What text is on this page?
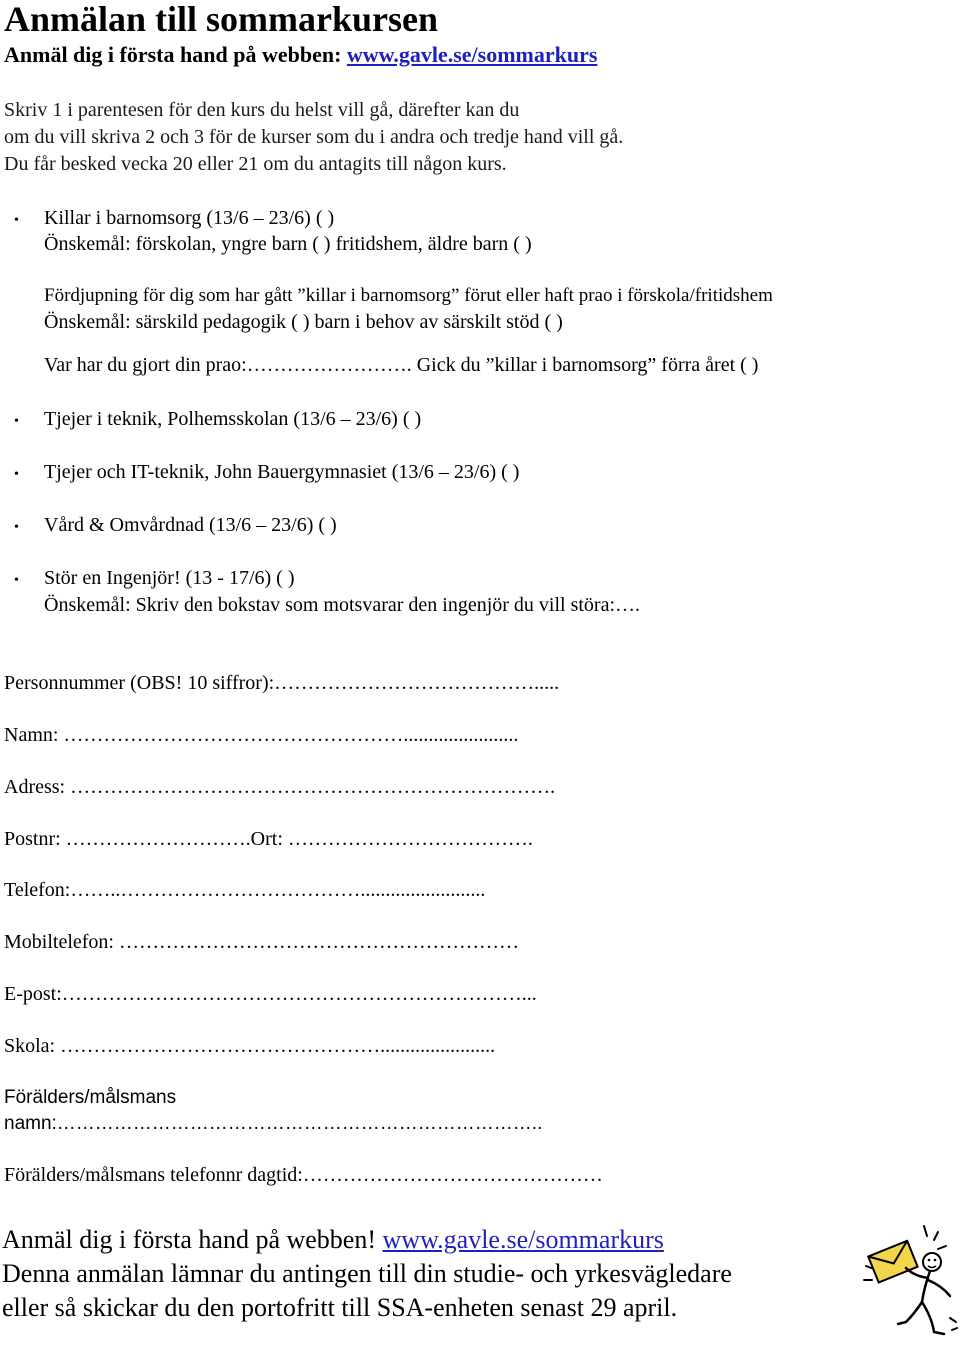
Anmälan till sommarkursen
Anmäl dig i första hand på webben: www.gavle.se/sommarkurs
Skriv 1 i parentesen för den kurs du helst vill gå, därefter kan du
om du vill skriva 2 och 3 för de kurser som du i andra och tredje hand vill gå.
Du får besked vecka 20 eller 21 om du antagits till någon kurs.
• Killar i barnomsorg (13/6 – 23/6) ( )
Önskemål: förskolan, yngre barn ( ) fritidshem, äldre barn ( )
Fördjupning för dig som har gått ”killar i barnomsorg” förut eller haft prao i förskola/fritidshem
Önskemål: särskild pedagogik ( ) barn i behov av särskilt stöd ( )
Var har du gjort din prao:……………………. Gick du ”killar i barnomsorg” förra året ( )
• Tjejer i teknik, Polhemsskolan (13/6 – 23/6) ( )
• Tjejer och IT-teknik, John Bauergymnasiet (13/6 – 23/6) ( )
• Vård & Omvårdnad (13/6 – 23/6) ( )
• Stör en Ingenjör! (13 - 17/6) ( )
Önskemål: Skriv den bokstav som motsvarar den ingenjör du vill störa:….
Personnummer (OBS! 10 siffror):………………………………….....
Namn: …………………………………………….......................
Adress: ……………………………………………………………….
Postnr: ……………………….Ort: ……………………………….
Telefon:……..……………………………….........................
Mobiltelefon: ……………………………………………………
E-post:……………………………………………………………...
Skola: ………………………………………….......................
Förälders/målsmans
namn:…………………………………………………………………..
Förälders/målsmans telefonnr dagtid:………………………………………
Anmäl dig i första hand på webben! www.gavle.se/sommarkurs
Denna anmälan lämnar du antingen till din studie- och yrkesvägledare
eller så skickar du den portofritt till SSA-enheten senast 29 april.
